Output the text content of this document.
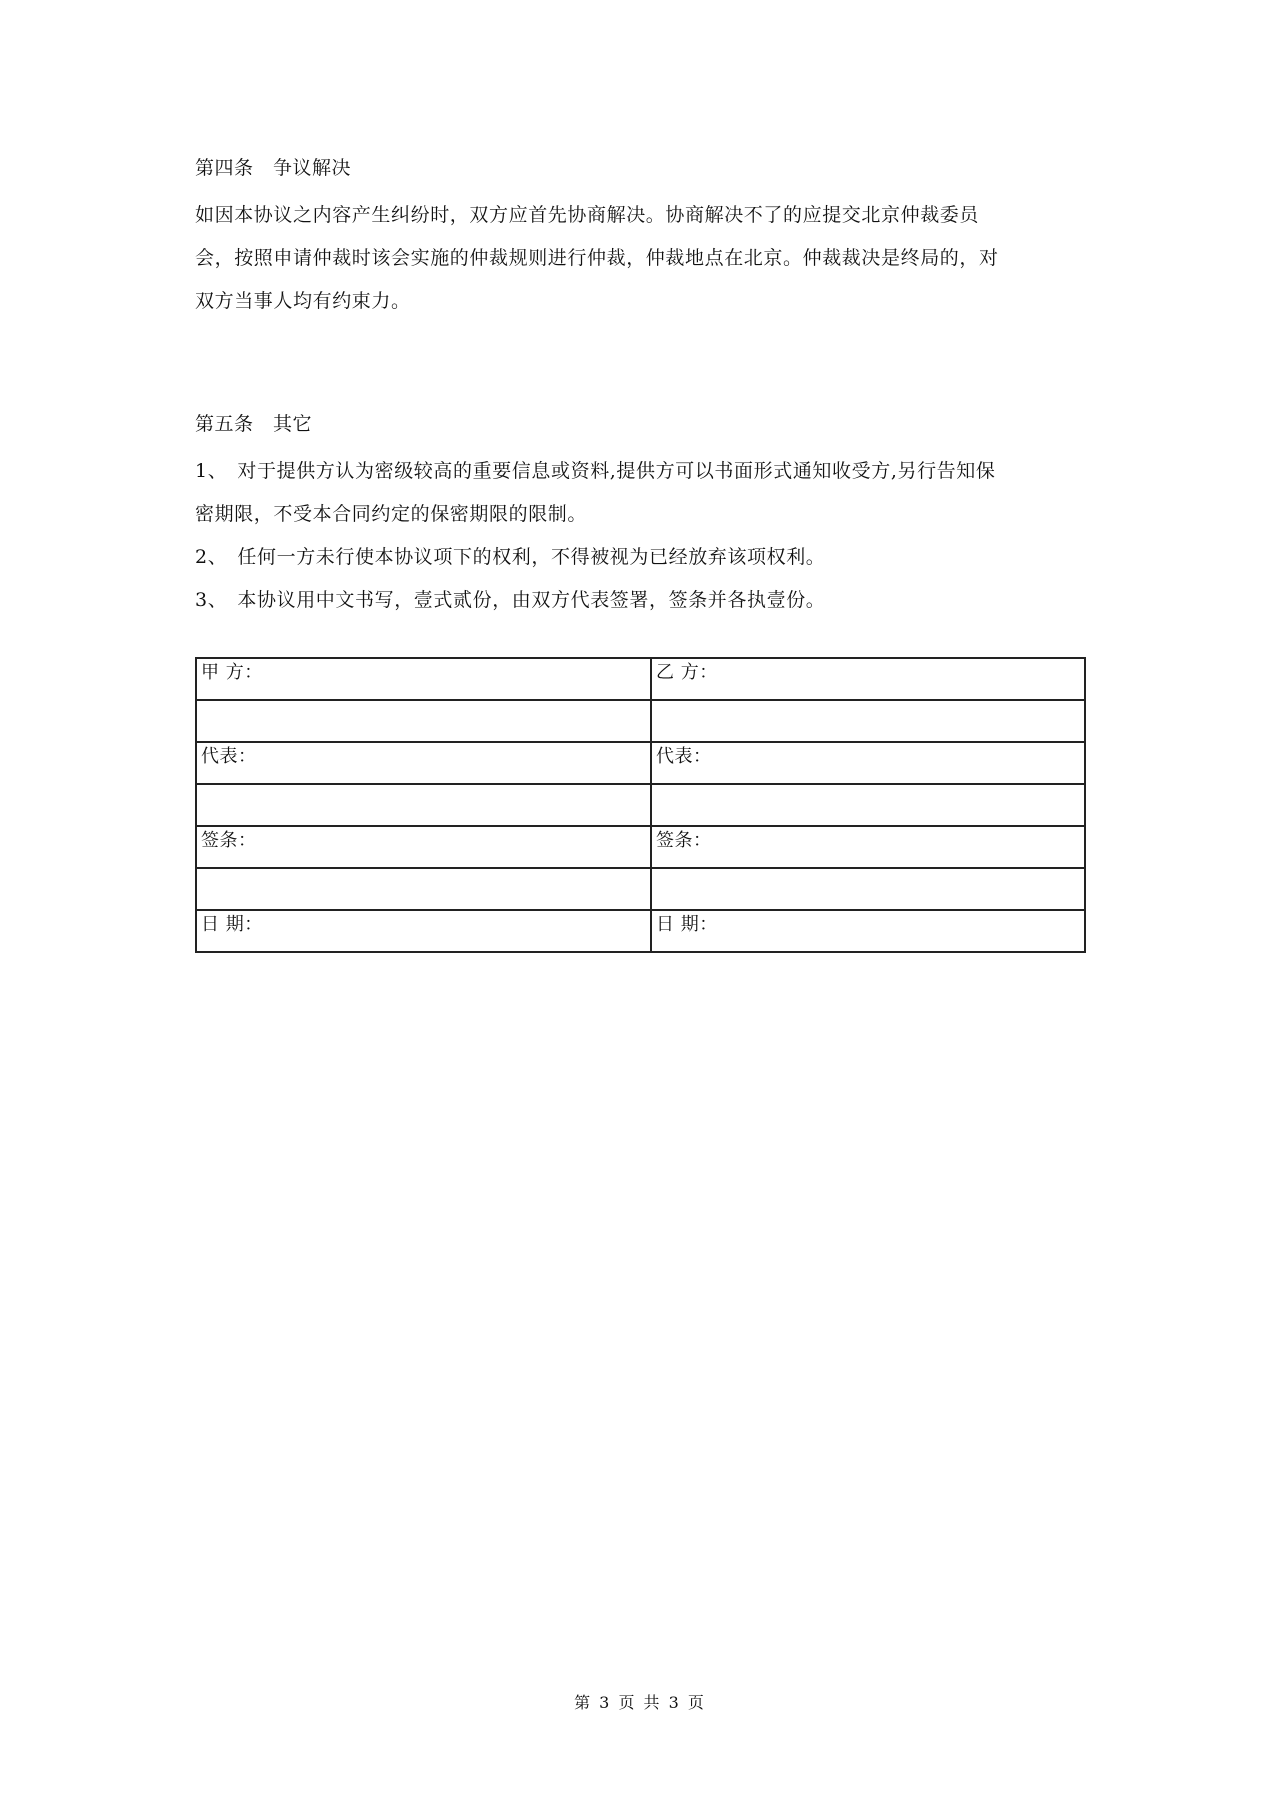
第四条　争议解决
如因本协议之内容产生纠纷时，双方应首先协商解决。协商解决不了的应提交北京仲裁委员
会，按照申请仲裁时该会实施的仲裁规则进行仲裁，仲裁地点在北京。仲裁裁决是终局的，对
双方当事人均有约束力。
第五条　其它
1、　对于提供方认为密级较高的重要信息或资料,提供方可以书面形式通知收受方,另行告知保
密期限，不受本合同约定的保密期限的限制。
2、　任何一方未行使本协议项下的权利，不得被视为已经放弃该项权利。
3、　本协议用中文书写，壹式贰份，由双方代表签署，签条并各执壹份。
甲 方：	乙 方：

代表：	代表：

签条：	签条：

日 期：	日 期：
第 3 页 共 3 页
